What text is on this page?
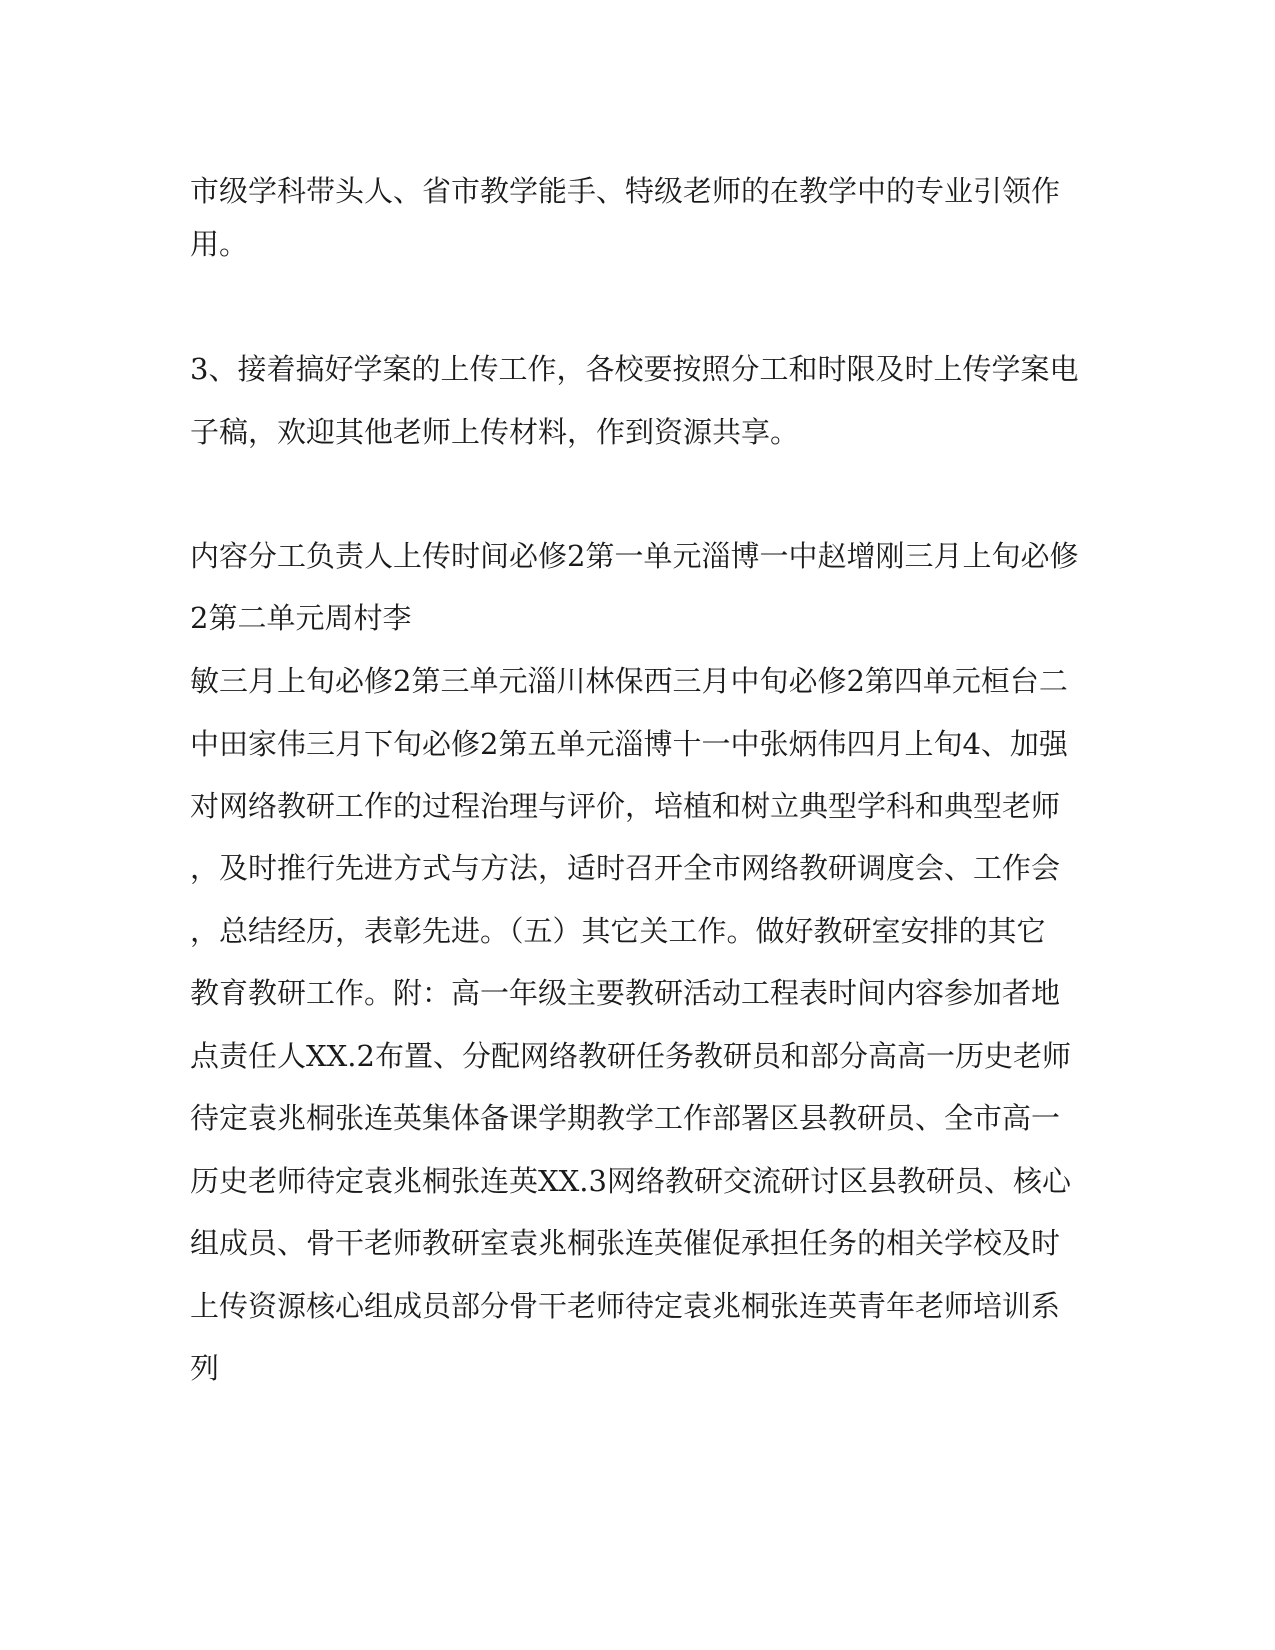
市级学科带头人、省市教学能手、特级老师的在教学中的专业引领作

用。

3、接着搞好学案的上传工作，各校要按照分工和时限及时上传学案电

子稿，欢迎其他老师上传材料，作到资源共享。

内容分工负责人上传时间必修2第一单元淄博一中赵增刚三月上旬必修

2第二单元周村李

敏三月上旬必修2第三单元淄川林保西三月中旬必修2第四单元桓台二

中田家伟三月下旬必修2第五单元淄博十一中张炳伟四月上旬4、加强

对网络教研工作的过程治理与评价，培植和树立典型学科和典型老师

，及时推行先进方式与方法，适时召开全市网络教研调度会、工作会

，总结经历，表彰先进。（五）其它关工作。做好教研室安排的其它

教育教研工作。附：高一年级主要教研活动工程表时间内容参加者地

点责任人XX.2布置、分配网络教研任务教研员和部分高高一历史老师

待定袁兆桐张连英集体备课学期教学工作部署区县教研员、全市高一

历史老师待定袁兆桐张连英XX.3网络教研交流研讨区县教研员、核心

组成员、骨干老师教研室袁兆桐张连英催促承担任务的相关学校及时

上传资源核心组成员部分骨干老师待定袁兆桐张连英青年老师培训系

列
